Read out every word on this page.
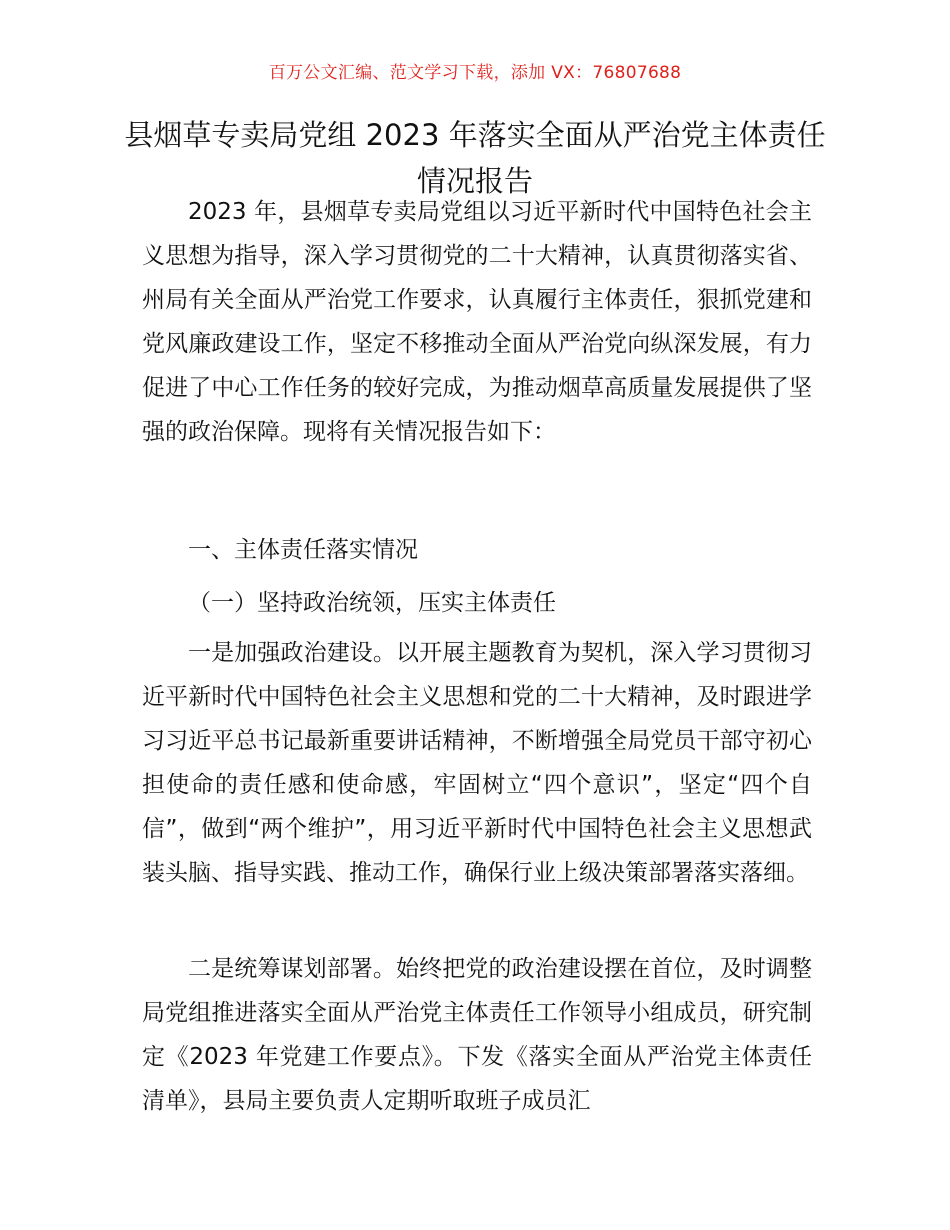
百万公文汇编、范文学习下载，添加 VX：76807688
县烟草专卖局党组 2023 年落实全面从严治党主体责任情况报告

2023 年，县烟草专卖局党组以习近平新时代中国特色社会主义思想为指导，深入学习贯彻党的二十大精神，认真贯彻落实省、州局有关全面从严治党工作要求，认真履行主体责任，狠抓党建和党风廉政建设工作，坚定不移推动全面从严治党向纵深发展，有力促进了中心工作任务的较好完成，为推动烟草高质量发展提供了坚强的政治保障。现将有关情况报告如下：

一、主体责任落实情况

（一）坚持政治统领，压实主体责任

一是加强政治建设。以开展主题教育为契机，深入学习贯彻习近平新时代中国特色社会主义思想和党的二十大精神，及时跟进学习习近平总书记最新重要讲话精神，不断增强全局党员干部守初心担使命的责任感和使命感，牢固树立“四个意识”，坚定“四个自信”，做到“两个维护”，用习近平新时代中国特色社会主义思想武装头脑、指导实践、推动工作，确保行业上级决策部署落实落细。

二是统筹谋划部署。始终把党的政治建设摆在首位，及时调整局党组推进落实全面从严治党主体责任工作领导小组成员，研究制定《2023 年党建工作要点》。下发《落实全面从严治党主体责任清单》，县局主要负责人定期听取班子成员汇
